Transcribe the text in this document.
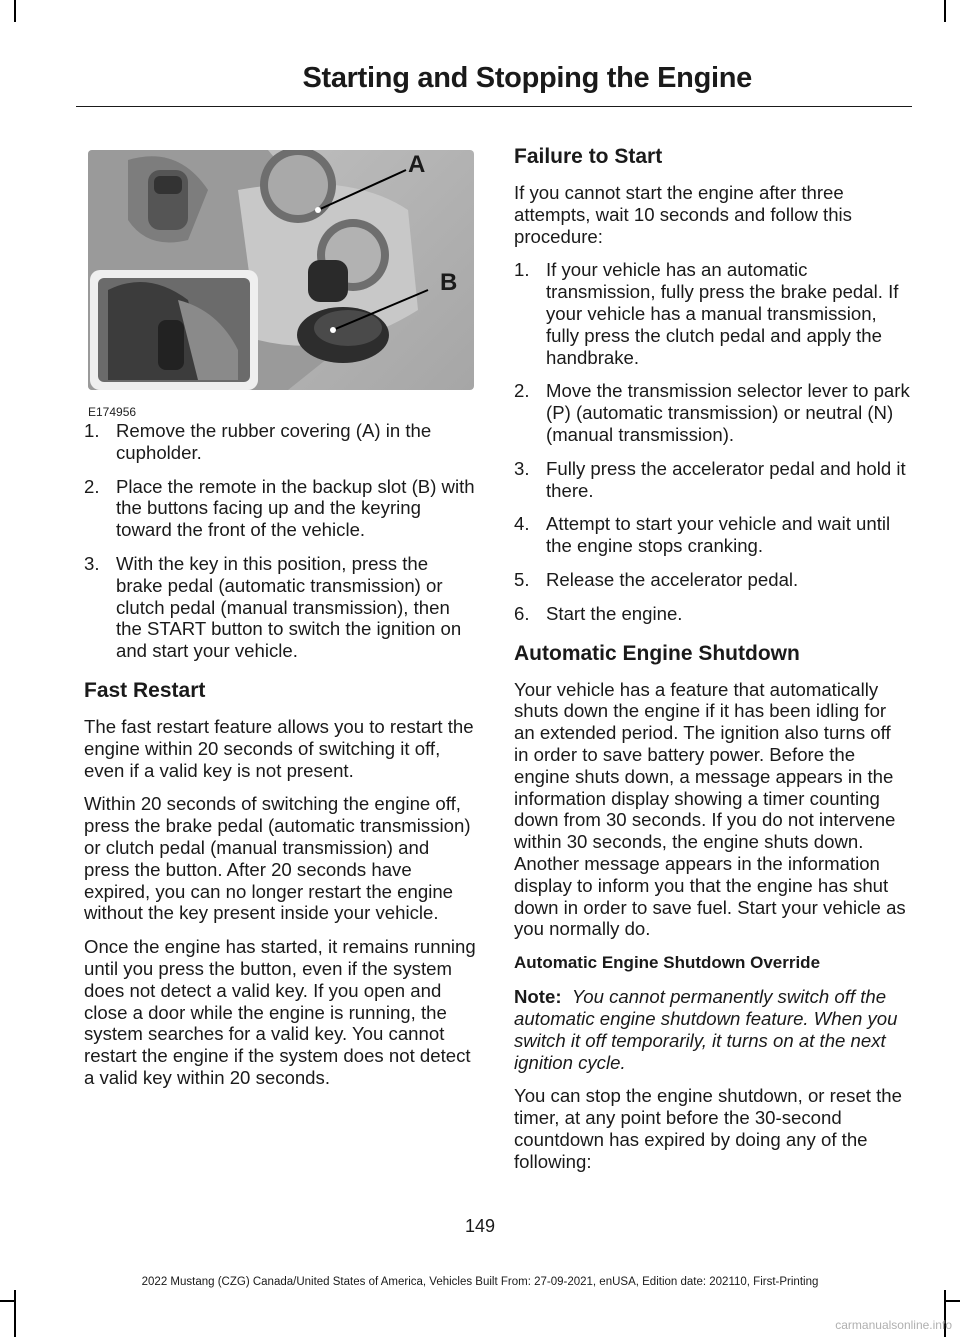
Starting and Stopping the Engine
A
B
E174956
1. Remove the rubber covering (A) in the cupholder.
2. Place the remote in the backup slot (B) with the buttons facing up and the keyring toward the front of the vehicle.
3. With the key in this position, press the brake pedal (automatic transmission) or clutch pedal (manual transmission), then the START button to switch the ignition on and start your vehicle.
Fast Restart

The fast restart feature allows you to restart the engine within 20 seconds of switching it off, even if a valid key is not present.

Within 20 seconds of switching the engine off, press the brake pedal (automatic transmission) or clutch pedal (manual transmission) and press the button. After 20 seconds have expired, you can no longer restart the engine without the key present inside your vehicle.

Once the engine has started, it remains running until you press the button, even if the system does not detect a valid key. If you open and close a door while the engine is running, the system searches for a valid key. You cannot restart the engine if the system does not detect a valid key within 20 seconds.

Failure to Start

If you cannot start the engine after three attempts, wait 10 seconds and follow this procedure:

1. If your vehicle has an automatic transmission, fully press the brake pedal. If your vehicle has a manual transmission, fully press the clutch pedal and apply the handbrake.
2. Move the transmission selector lever to park (P) (automatic transmission) or neutral (N) (manual transmission).
3. Fully press the accelerator pedal and hold it there.
4. Attempt to start your vehicle and wait until the engine stops cranking.
5. Release the accelerator pedal.
6. Start the engine.
Automatic Engine Shutdown

Your vehicle has a feature that automatically shuts down the engine if it has been idling for an extended period. The ignition also turns off in order to save battery power. Before the engine shuts down, a message appears in the information display showing a timer counting down from 30 seconds. If you do not intervene within 30 seconds, the engine shuts down. Another message appears in the information display to inform you that the engine has shut down in order to save fuel. Start your vehicle as you normally do.

Automatic Engine Shutdown Override

Note: You cannot permanently switch off the automatic engine shutdown feature. When you switch it off temporarily, it turns on at the next ignition cycle.

You can stop the engine shutdown, or reset the timer, at any point before the 30-second countdown has expired by doing any of the following:

149
2022 Mustang (CZG) Canada/United States of America, Vehicles Built From: 27-09-2021, enUSA, Edition date: 202110, First-Printing
carmanualsonline.info
